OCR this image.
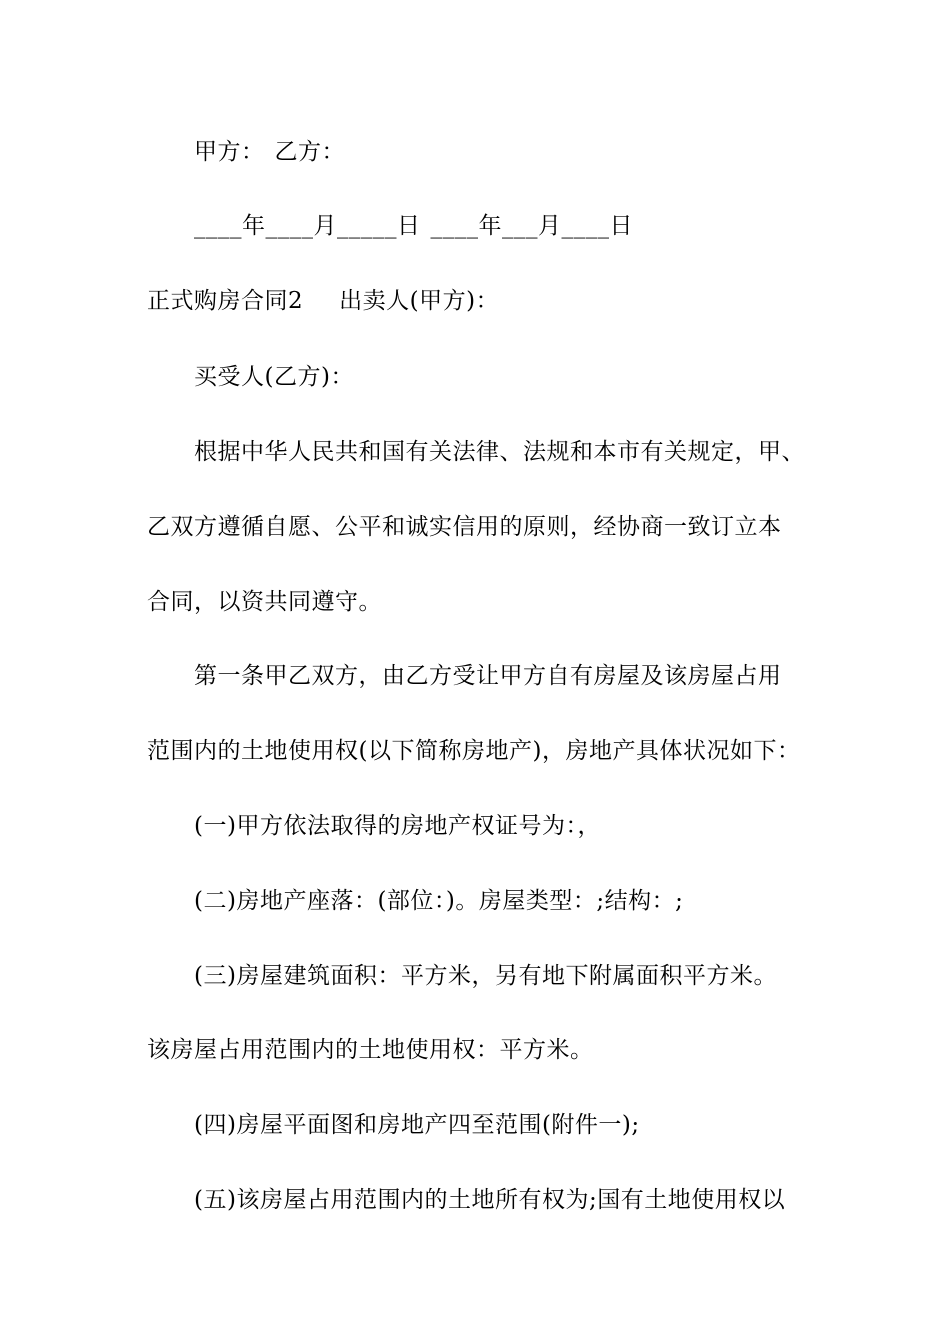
甲方： 乙方：
____年____月_____日 ____年___月____日
正式购房合同2 出卖人(甲方)：
买受人(乙方)：
根据中华人民共和国有关法律、法规和本市有关规定，甲、
乙双方遵循自愿、公平和诚实信用的原则，经协商一致订立本
合同，以资共同遵守。
第一条甲乙双方，由乙方受让甲方自有房屋及该房屋占用
范围内的土地使用权(以下简称房地产)，房地产具体状况如下：
(一)甲方依法取得的房地产权证号为：，
(二)房地产座落：(部位：)。房屋类型：;结构：;
(三)房屋建筑面积：平方米，另有地下附属面积平方米。
该房屋占用范围内的土地使用权：平方米。
(四)房屋平面图和房地产四至范围(附件一);
(五)该房屋占用范围内的土地所有权为;国有土地使用权以
